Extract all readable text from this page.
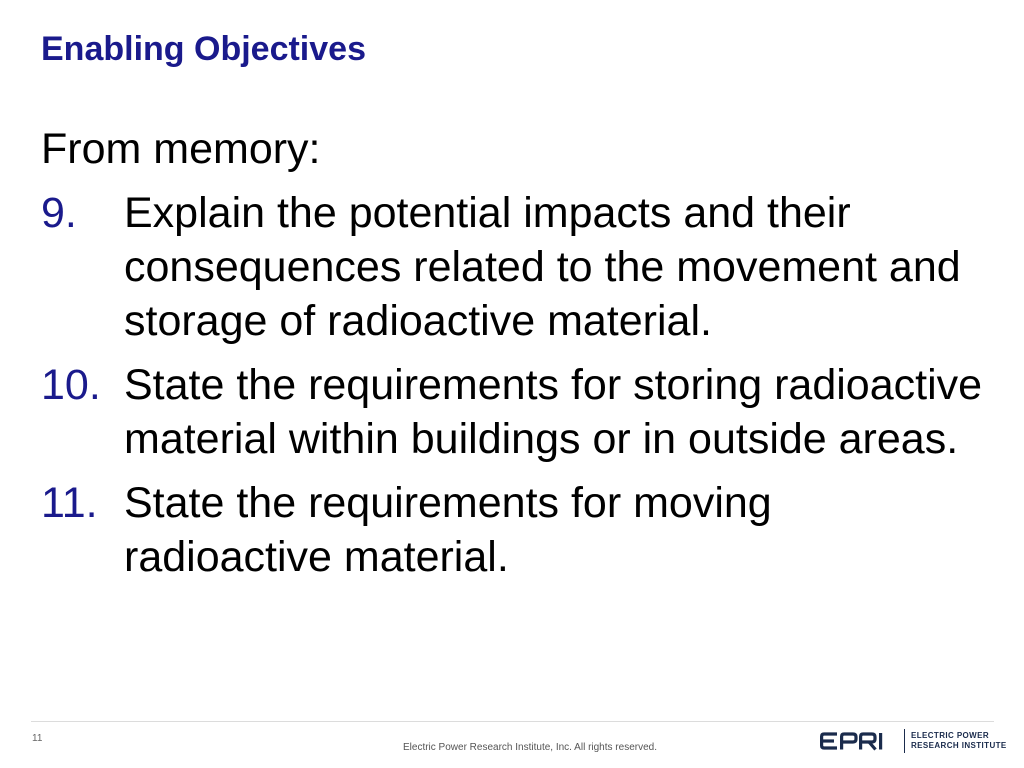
Enabling Objectives

From memory:

9.	Explain the potential impacts and their consequences related to the movement and storage of radioactive material.
10. State the requirements for storing radioactive material within buildings or in outside areas.
11. State the requirements for moving radioactive material.
11
Electric Power Research Institute, Inc. All rights reserved.
ELECTRIC POWER
RESEARCH INSTITUTE
